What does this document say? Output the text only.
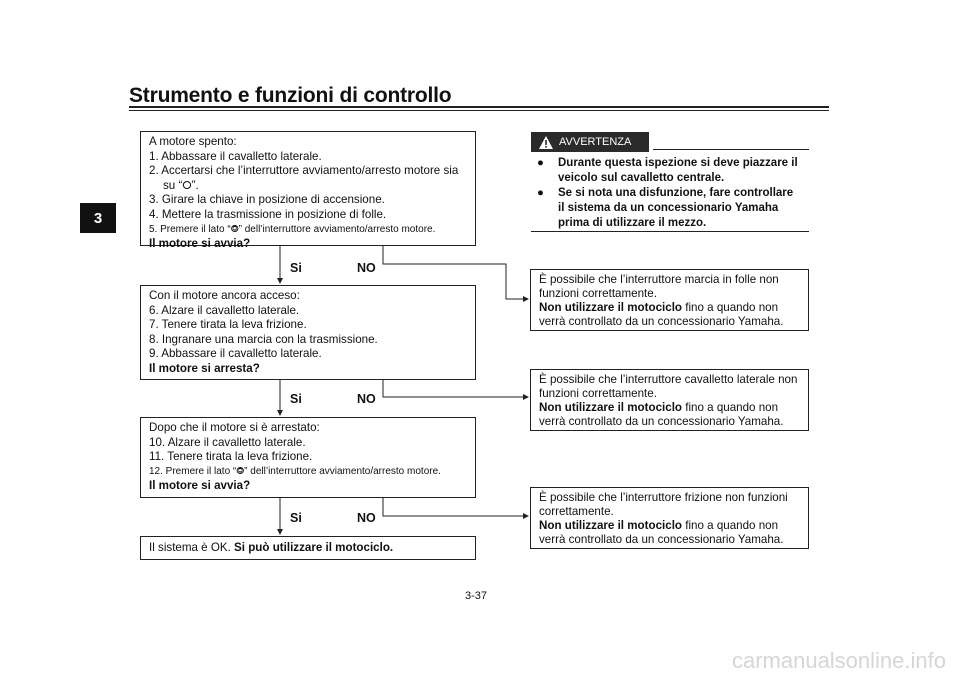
Strumento e funzioni di controllo
3
A motore spento:
1. Abbassare il cavalletto laterale.
2. Accertarsi che l’interruttore avviamento/arresto motore sia
su “⭘”.
3. Girare la chiave in posizione di accensione.
4. Mettere la trasmissione in posizione di folle.
5. Premere il lato “⭗” dell’interruttore avviamento/arresto motore.
Il motore si avvia?
Si	NO
Con il motore ancora acceso:
6. Alzare il cavalletto laterale.
7. Tenere tirata la leva frizione.
8. Ingranare una marcia con la trasmissione.
9. Abbassare il cavalletto laterale.
Il motore si arresta?
Si	NO
Dopo che il motore si è arrestato:
10. Alzare il cavalletto laterale.
11. Tenere tirata la leva frizione.
12. Premere il lato “⭗” dell’interruttore avviamento/arresto motore.
Il motore si avvia?
Si	NO
Il sistema è OK. Si può utilizzare il motociclo.
AVVERTENZA
● Durante questa ispezione si deve piazzare il veicolo sul cavalletto centrale.
● Se si nota una disfunzione, fare controllare il sistema da un concessionario Yamaha prima di utilizzare il mezzo.
È possibile che l’interruttore marcia in folle non funzioni correttamente.
Non utilizzare il motociclo fino a quando non verrà controllato da un concessionario Yamaha.
È possibile che l’interruttore cavalletto laterale non funzioni correttamente.
Non utilizzare il motociclo fino a quando non verrà controllato da un concessionario Yamaha.
È possibile che l’interruttore frizione non funzioni correttamente.
Non utilizzare il motociclo fino a quando non verrà controllato da un concessionario Yamaha.
3-37
carmanualsonline.info
